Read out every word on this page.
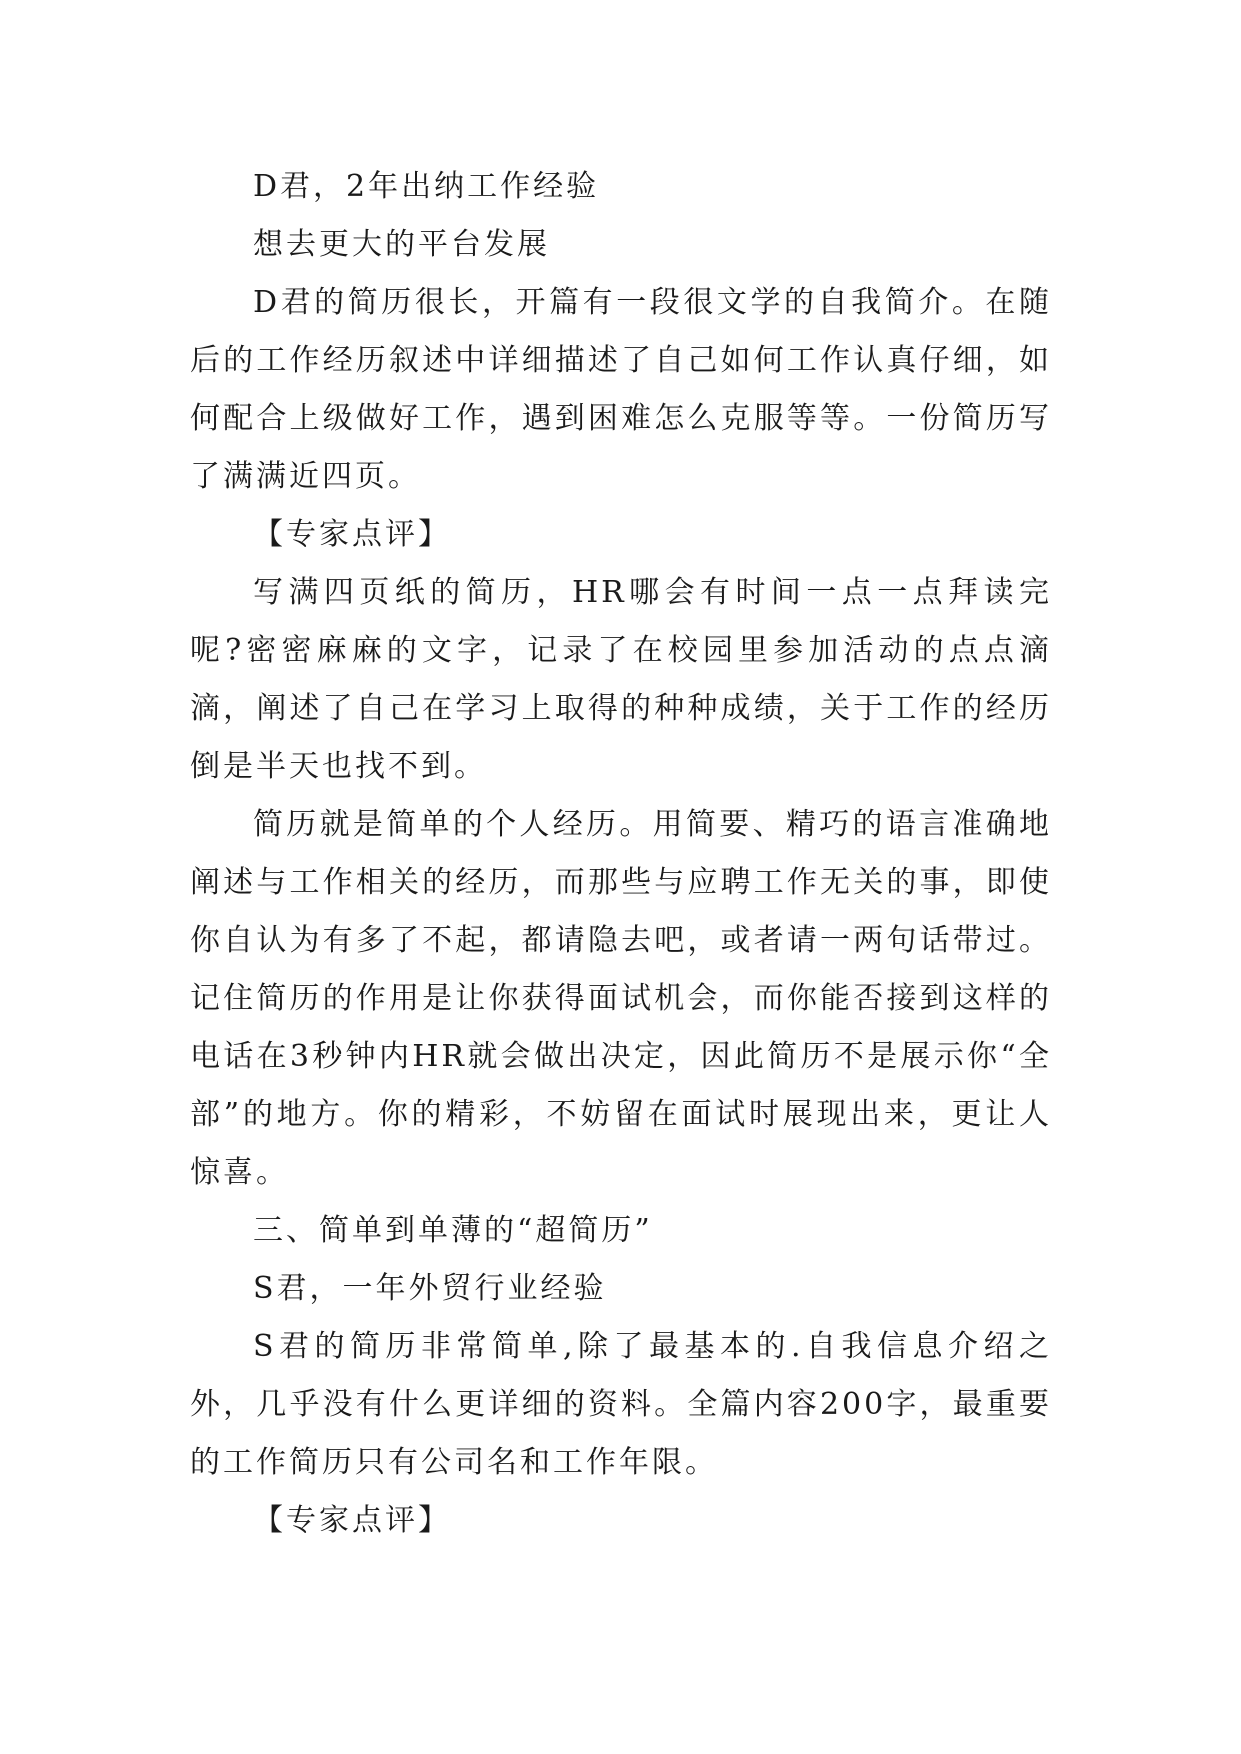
D君，2年出纳工作经验

想去更大的平台发展

D君的简历很长，开篇有一段很文学的自我简介。在随后的工作经历叙述中详细描述了自己如何工作认真仔细，如何配合上级做好工作，遇到困难怎么克服等等。一份简历写了满满近四页。

【专家点评】

写满四页纸的简历，HR哪会有时间一点一点拜读完呢?密密麻麻的文字，记录了在校园里参加活动的点点滴滴，阐述了自己在学习上取得的种种成绩，关于工作的经历倒是半天也找不到。

简历就是简单的个人经历。用简要、精巧的语言准确地阐述与工作相关的经历，而那些与应聘工作无关的事，即使你自认为有多了不起，都请隐去吧，或者请一两句话带过。记住简历的作用是让你获得面试机会，而你能否接到这样的电话在3秒钟内HR就会做出决定，因此简历不是展示你“全部”的地方。你的精彩，不妨留在面试时展现出来，更让人惊喜。

三、简单到单薄的“超简历”

S君，一年外贸行业经验

S君的简历非常简单,除了最基本的.自我信息介绍之外，几乎没有什么更详细的资料。全篇内容200字，最重要的工作简历只有公司名和工作年限。

【专家点评】
